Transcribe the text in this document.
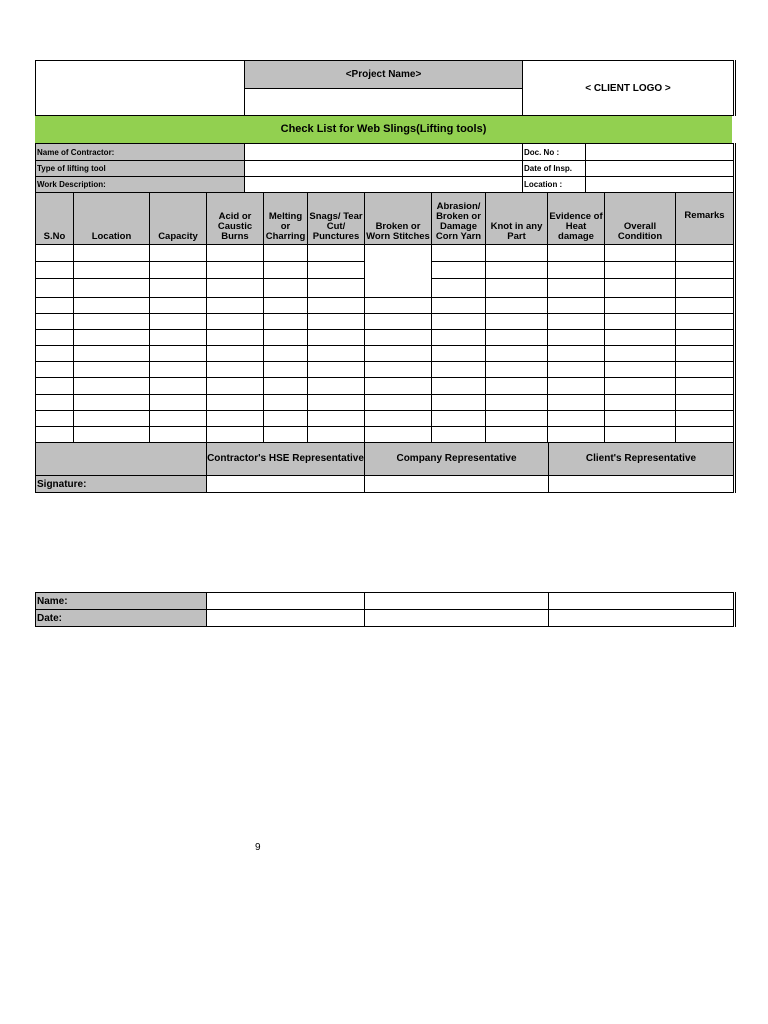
	<Project Name>	< CLIENT LOGO >

Check List for Web Slings(Lifting tools)
Name of Contractor:		Doc. No :	
Type of lifting tool		Date of Insp.	
Work Description:		Location :	
S.No	Location	Capacity	Acid or Caustic Burns	Melting or Charring	Snags/ Tear Cut/ Punctures	Broken or Worn Stitches	Abrasion/ Broken or Damage Corn Yarn	Knot in any Part	Evidence of Heat damage	Overall Condition	Remarks

	Contractor's HSE Representative	Company Representative	Client's Representative
Signature:			
Name:			
Date:			
9
